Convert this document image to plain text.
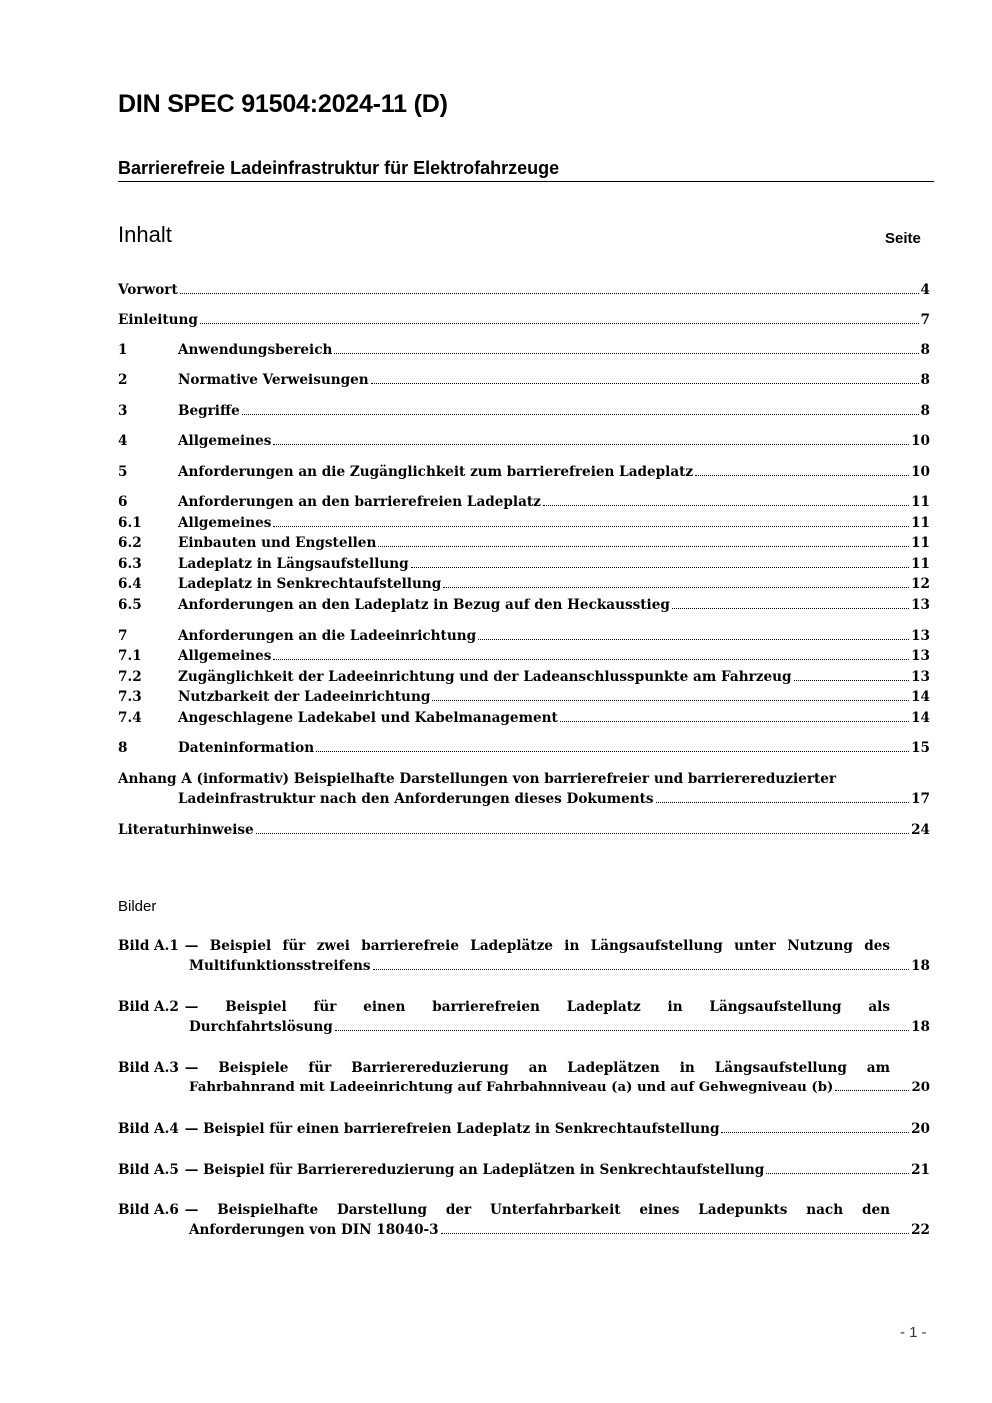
DIN SPEC 91504:2024-11 (D)
Barrierefreie Ladeinfrastruktur für Elektrofahrzeuge
Inhalt	Seite
Vorwort	4
Einleitung	7
1	Anwendungsbereich	8
2	Normative Verweisungen	8
3	Begriffe	8
4	Allgemeines	10
5	Anforderungen an die Zugänglichkeit zum barrierefreien Ladeplatz	10
6	Anforderungen an den barrierefreien Ladeplatz	11
6.1	Allgemeines	11
6.2	Einbauten und Engstellen	11
6.3	Ladeplatz in Längsaufstellung	11
6.4	Ladeplatz in Senkrechtaufstellung	12
6.5	Anforderungen an den Ladeplatz in Bezug auf den Heckausstieg	13
7	Anforderungen an die Ladeeinrichtung	13
7.1	Allgemeines	13
7.2	Zugänglichkeit der Ladeeinrichtung und der Ladeanschlusspunkte am Fahrzeug	13
7.3	Nutzbarkeit der Ladeeinrichtung	14
7.4	Angeschlagene Ladekabel und Kabelmanagement	14
8	Dateninformation	15
Anhang A (informativ) Beispielhafte Darstellungen von barrierefreier und barrierereduzierter
Ladeinfrastruktur nach den Anforderungen dieses Dokuments	17
Literaturhinweise	24
Bild A.1 — Beispiel für zwei barrierefreie Ladeplätze in Längsaufstellung unter Nutzung des
Multifunktionsstreifens	18
Bild A.2 — Beispiel für einen barrierefreien Ladeplatz in Längsaufstellung als
Durchfahrtslösung	18
Bild A.3 — Beispiele für Barrierereduzierung an Ladeplätzen in Längsaufstellung am
Fahrbahnrand mit Ladeeinrichtung auf Fahrbahnniveau (a) und auf Gehwegniveau (b)	20
Bild A.4 — Beispiel für einen barrierefreien Ladeplatz in Senkrechtaufstellung	20
Bild A.5 — Beispiel für Barrierereduzierung an Ladeplätzen in Senkrechtaufstellung	21
Bild A.6 — Beispielhafte Darstellung der Unterfahrbarkeit eines Ladepunkts nach den
Anforderungen von DIN 18040-3	22
Bilder
- 1 -
